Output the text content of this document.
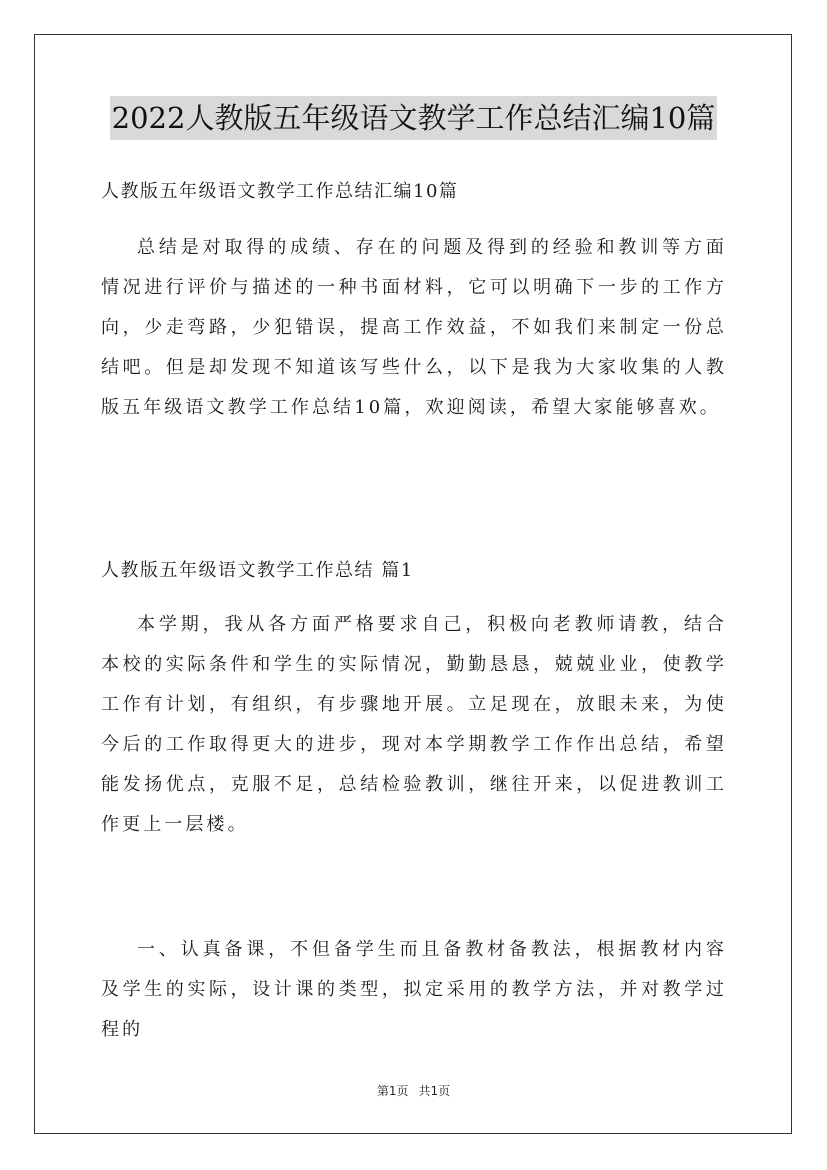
2022人教版五年级语文教学工作总结汇编10篇
人教版五年级语文教学工作总结汇编10篇

总结是对取得的成绩、存在的问题及得到的经验和教训等方面情况进行评价与描述的一种书面材料，它可以明确下一步的工作方向，少走弯路，少犯错误，提高工作效益，不如我们来制定一份总结吧。但是却发现不知道该写些什么，以下是我为大家收集的人教版五年级语文教学工作总结10篇，欢迎阅读，希望大家能够喜欢。

人教版五年级语文教学工作总结 篇1

本学期，我从各方面严格要求自己，积极向老教师请教，结合本校的实际条件和学生的实际情况，勤勤恳恳，兢兢业业，使教学工作有计划，有组织，有步骤地开展。立足现在，放眼未来，为使今后的工作取得更大的进步，现对本学期教学工作作出总结，希望能发扬优点，克服不足，总结检验教训，继往开来，以促进教训工作更上一层楼。

一、认真备课，不但备学生而且备教材备教法，根据教材内容及学生的实际，设计课的类型，拟定采用的教学方法，并对教学过程的

第1页 共1页
